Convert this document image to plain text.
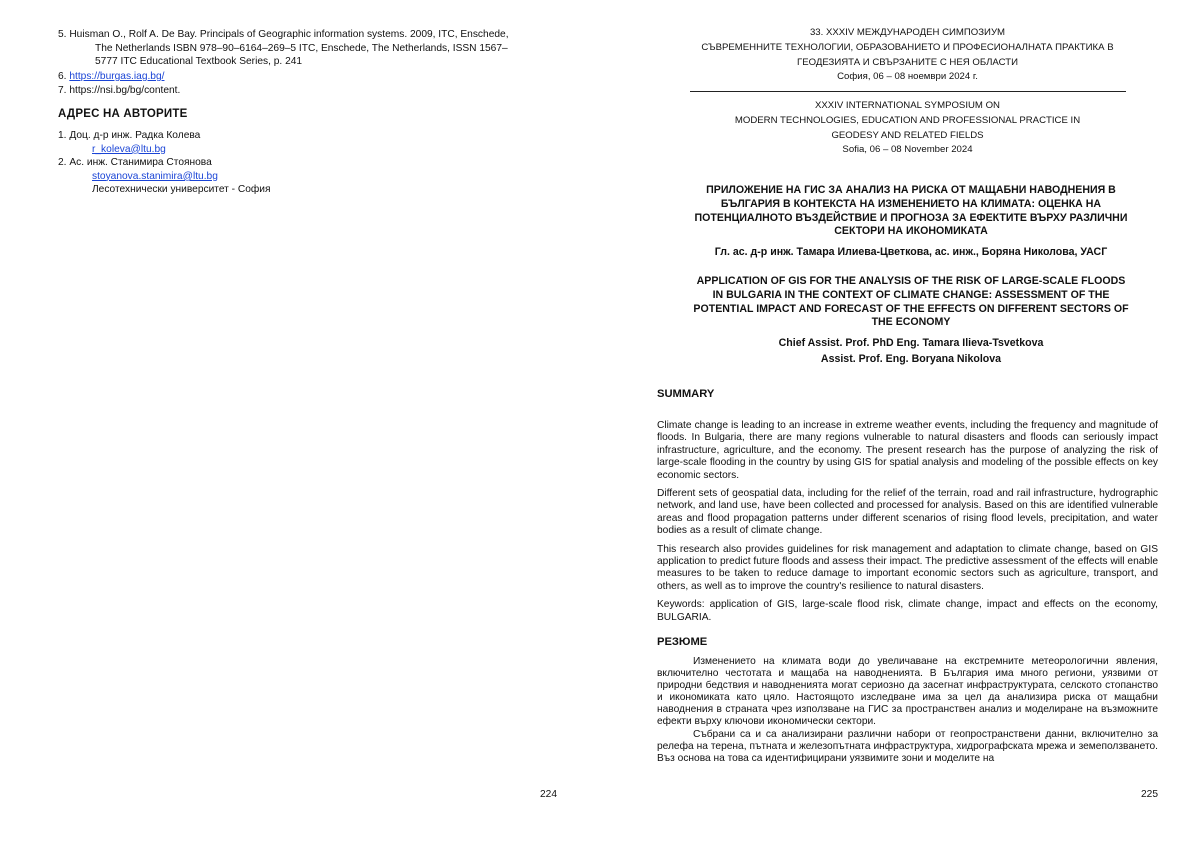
5. Huisman O., Rolf A. De Bay. Principals of Geographic information systems. 2009, ITC, Enschede,

The Netherlands ISBN 978–90–6164–269–5 ITC, Enschede, The Netherlands, ISSN 1567–

5777 ITC Educational Textbook Series, p. 241

6. https://burgas.iag.bg/
7. https://nsi.bg/bg/content.
АДРЕС НА АВТОРИТЕ

1. Доц. д-р инж. Радка Колева

r_koleva@ltu.bg

2. Ас. инж. Станимира Стоянова

stoyanova.stanimira@ltu.bg

Лесотехнически университет - София

224

33. XXXIV МЕЖДУНАРОДЕН СИМПОЗИУМ

СЪВРЕМЕННИТЕ ТЕХНОЛОГИИ, ОБРАЗОВАНИЕТО И ПРОФЕСИОНАЛНАТА ПРАКТИКА В

ГЕОДЕЗИЯТА И СВЪРЗАНИТЕ С НЕЯ ОБЛАСТИ

София, 06 – 08 ноември 2024 г.

XXXIV INTERNATIONAL SYMPOSIUM ON

MODERN TECHNOLOGIES, EDUCATION AND PROFESSIONAL PRACTICE IN

GEODESY AND RELATED FIELDS

Sofia, 06 – 08 November 2024

ПРИЛОЖЕНИЕ НА ГИС ЗА АНАЛИЗ НА РИСКА ОТ МАЩАБНИ НАВОДНЕНИЯ В

БЪЛГАРИЯ В КОНТЕКСТА НА ИЗМЕНЕНИЕТО НА КЛИМАТА: ОЦЕНКА НА

ПОТЕНЦИАЛНОТО ВЪЗДЕЙСТВИЕ И ПРОГНОЗА ЗА ЕФЕКТИТЕ ВЪРХУ РАЗЛИЧНИ

СЕКТОРИ НА ИКОНОМИКАТА

Гл. ас. д-р инж. Тамара Илиева-Цветкова, ас. инж., Боряна Николова, УАСГ

APPLICATION OF GIS FOR THE ANALYSIS OF THE RISK OF LARGE-SCALE FLOODS

IN BULGARIA IN THE CONTEXT OF CLIMATE CHANGE: ASSESSMENT OF THE

POTENTIAL IMPACT AND FORECAST OF THE EFFECTS ON DIFFERENT SECTORS OF

THE ECONOMY

Chief Assist. Prof. PhD Eng. Tamara Ilieva-Tsvetkova

Assist. Prof. Eng. Boryana Nikolova

SUMMARY

Climate change is leading to an increase in extreme weather events, including the frequency and magnitude of floods. In Bulgaria, there are many regions vulnerable to natural disasters and floods can seriously impact infrastructure, agriculture, and the economy. The present research has the purpose of analyzing the risk of large-scale flooding in the country by using GIS for spatial analysis and modeling of the possible effects on key economic sectors.

Different sets of geospatial data, including for the relief of the terrain, road and rail infrastructure, hydrographic network, and land use, have been collected and processed for analysis. Based on this are identified vulnerable areas and flood propagation patterns under different scenarios of rising flood levels, precipitation, and water bodies as a result of climate change.

This research also provides guidelines for risk management and adaptation to climate change, based on GIS application to predict future floods and assess their impact. The predictive assessment of the effects will enable measures to be taken to reduce damage to important economic sectors such as agriculture, transport, and others, as well as to improve the country's resilience to natural disasters.

Keywords: application of GIS, large-scale flood risk, climate change, impact and effects on the economy, BULGARIA.

РЕЗЮМЕ

Изменението на климата води до увеличаване на екстремните метеорологични явления, включително честотата и мащаба на наводненията. В България има много региони, уязвими от природни бедствия и наводненията могат сериозно да засегнат инфраструктурата, селското стопанство и икономиката като цяло. Настоящото изследване има за цел да анализира риска от мащабни наводнения в страната чрез използване на ГИС за пространствен анализ и моделиране на възможните ефекти върху ключови икономически сектори.

Събрани са и са анализирани различни набори от геопространствени данни, включително за релефа на терена, пътната и железопътната инфраструктура, хидрографската мрежа и земеползването. Въз основа на това са идентифицирани уязвимите зони и моделите на

225
